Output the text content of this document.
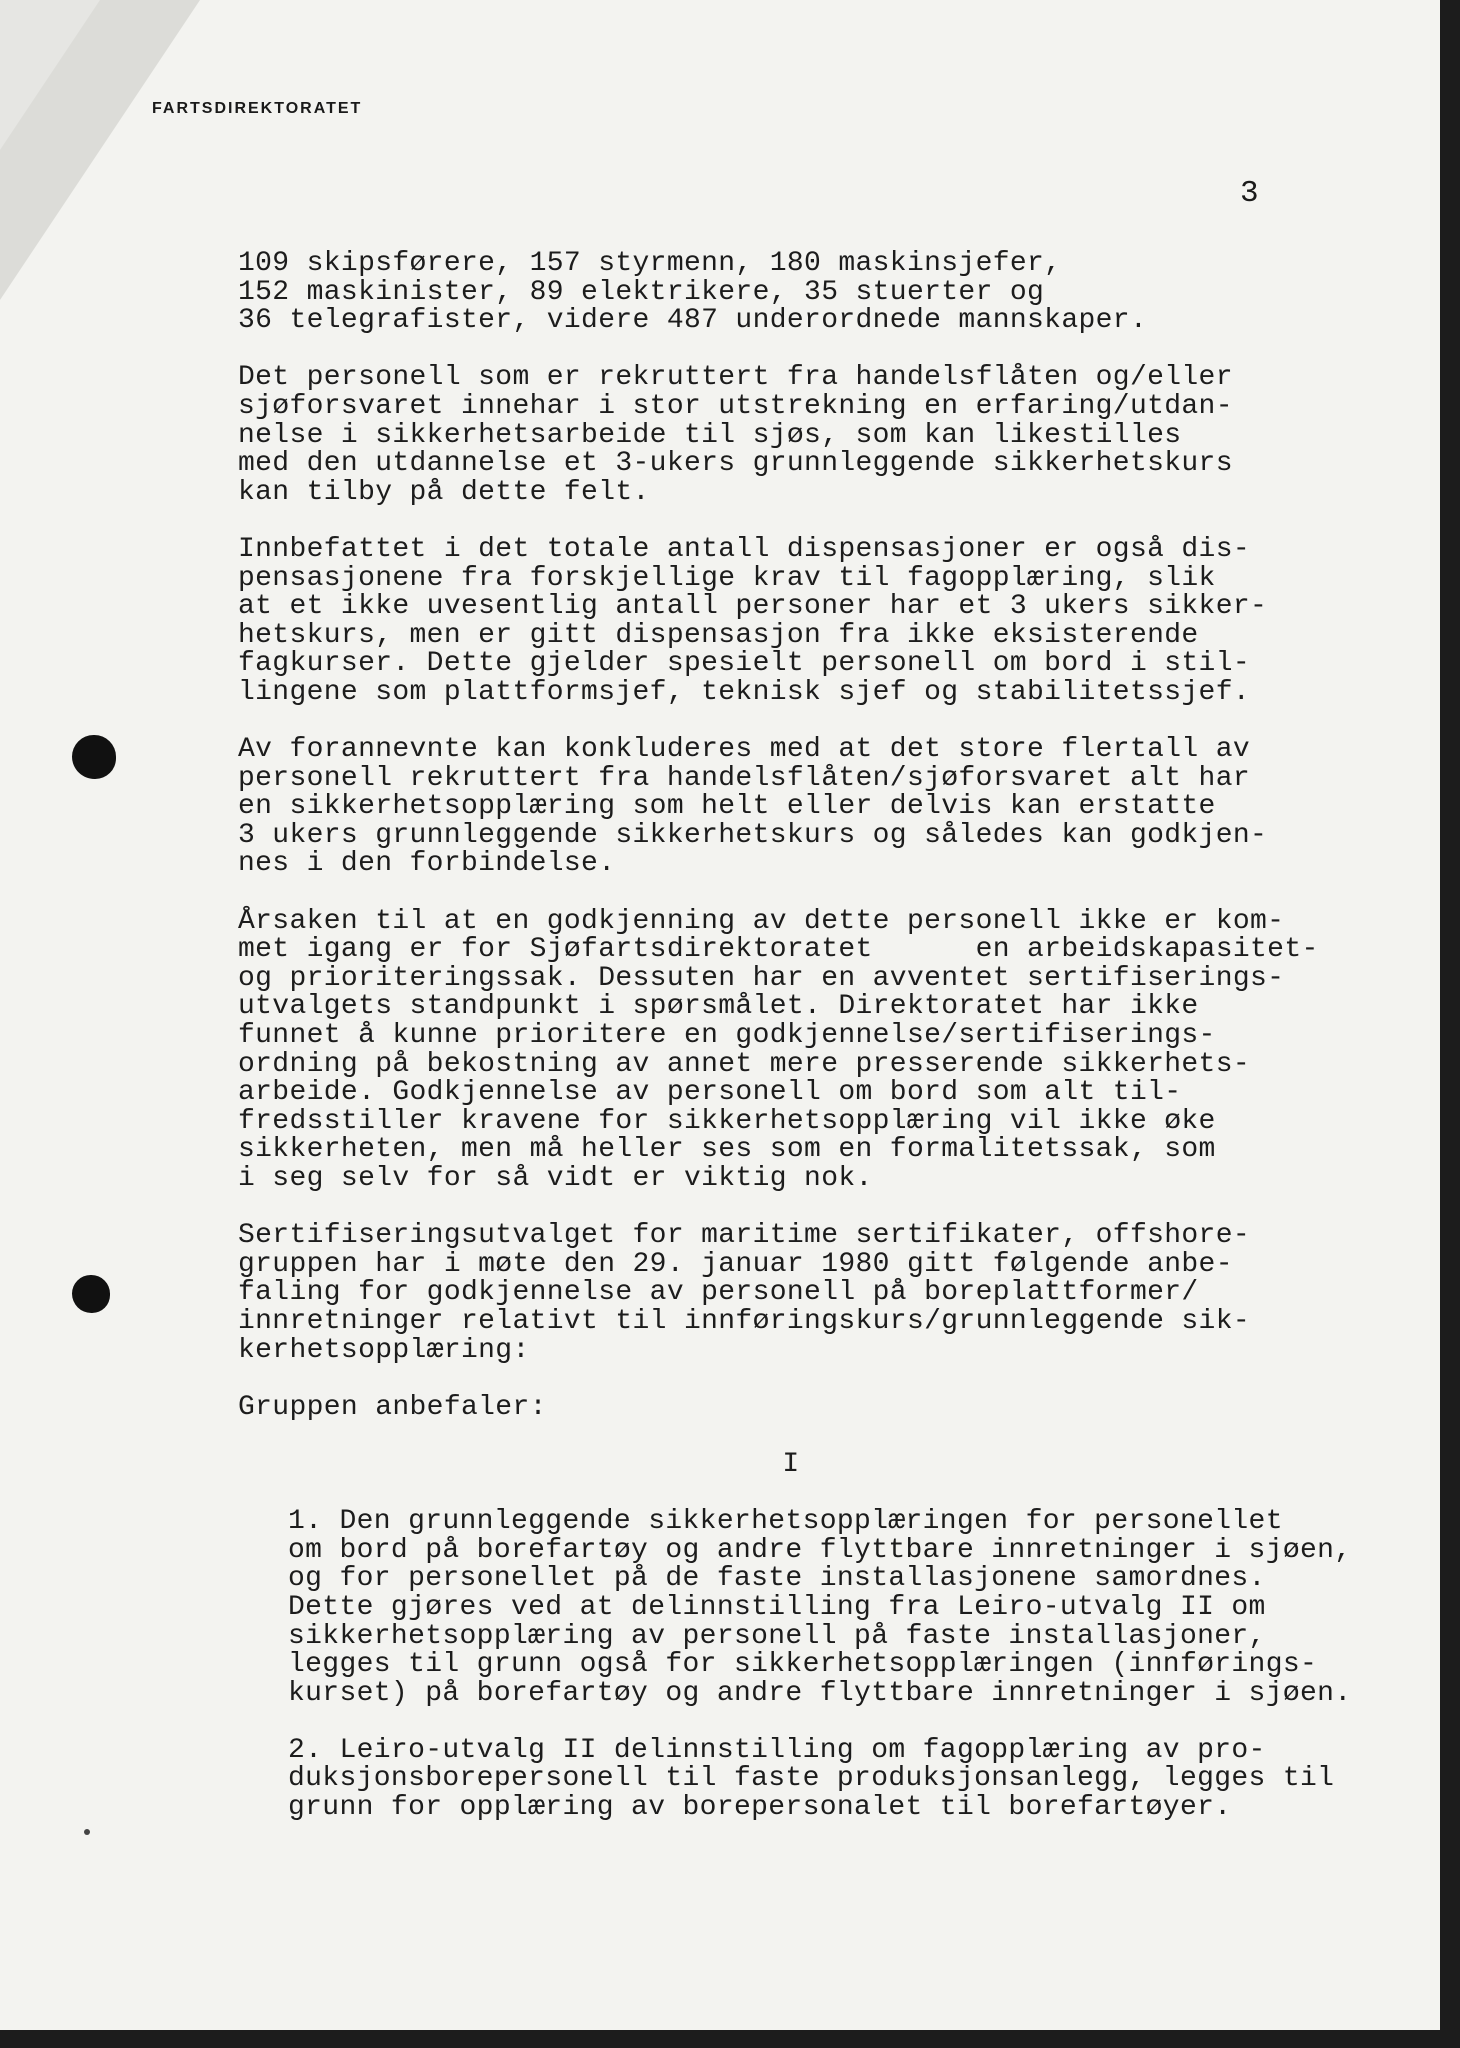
FARTSDIREKTORATET
3

109 skipsførere, 157 styrmenn, 180 maskinsjefer,
152 maskinister, 89 elektrikere, 35 stuerter og
36 telegrafister, videre 487 underordnede mannskaper.

Det personell som er rekruttert fra handelsflåten og/eller
sjøforsvaret innehar i stor utstrekning en erfaring/utdan-
nelse i sikkerhetsarbeide til sjøs, som kan likestilles
med den utdannelse et 3-ukers grunnleggende sikkerhetskurs
kan tilby på dette felt.

Innbefattet i det totale antall dispensasjoner er også dis-
pensasjonene fra forskjellige krav til fagopplæring, slik
at et ikke uvesentlig antall personer har et 3 ukers sikker-
hetskurs, men er gitt dispensasjon fra ikke eksisterende
fagkurser. Dette gjelder spesielt personell om bord i stil-
lingene som plattformsjef, teknisk sjef og stabilitetssjef.

Av forannevnte kan konkluderes med at det store flertall av
personell rekruttert fra handelsflåten/sjøforsvaret alt har
en sikkerhetsopplæring som helt eller delvis kan erstatte
3 ukers grunnleggende sikkerhetskurs og således kan godkjen-
nes i den forbindelse.

Årsaken til at en godkjenning av dette personell ikke er kom-
met igang er for Sjøfartsdirektoratet      en arbeidskapasitet-
og prioriteringssak. Dessuten har en avventet sertifiserings-
utvalgets standpunkt i spørsmålet. Direktoratet har ikke
funnet å kunne prioritere en godkjennelse/sertifiserings-
ordning på bekostning av annet mere presserende sikkerhets-
arbeide. Godkjennelse av personell om bord som alt til-
fredsstiller kravene for sikkerhetsopplæring vil ikke øke
sikkerheten, men må heller ses som en formalitetssak, som
i seg selv for så vidt er viktig nok.

Sertifiseringsutvalget for maritime sertifikater, offshore-
gruppen har i møte den 29. januar 1980 gitt følgende anbe-
faling for godkjennelse av personell på boreplattformer/
innretninger relativt til innføringskurs/grunnleggende sik-
kerhetsopplæring:

Gruppen anbefaler:

I

1. Den grunnleggende sikkerhetsopplæringen for personellet
om bord på borefartøy og andre flyttbare innretninger i sjøen,
og for personellet på de faste installasjonene samordnes.
Dette gjøres ved at delinnstilling fra Leiro-utvalg II om
sikkerhetsopplæring av personell på faste installasjoner,
legges til grunn også for sikkerhetsopplæringen (innførings-
kurset) på borefartøy og andre flyttbare innretninger i sjøen.

2. Leiro-utvalg II delinnstilling om fagopplæring av pro-
duksjonsborepersonell til faste produksjonsanlegg, legges til
grunn for opplæring av borepersonalet til borefartøyer.
